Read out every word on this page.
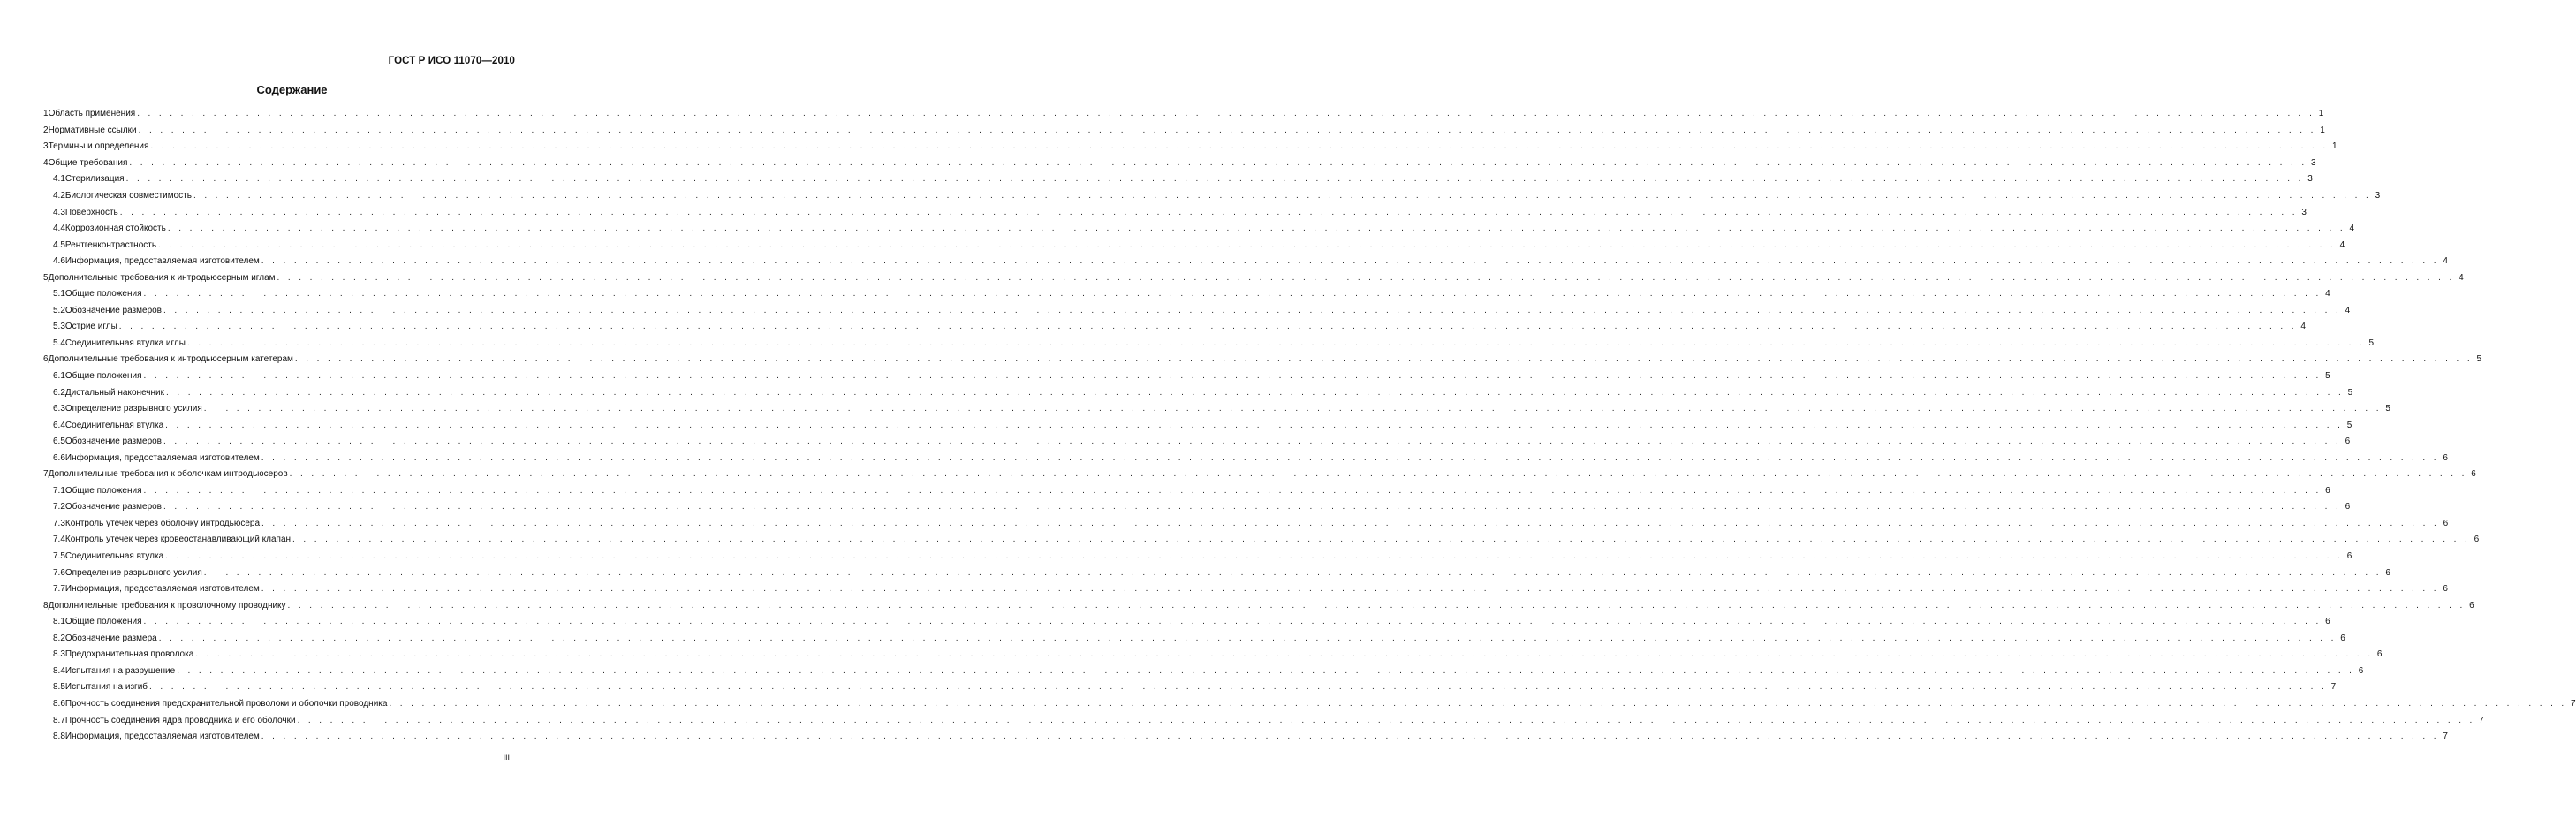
ГОСТ Р ИСО 11070—2010
Содержание
1 Область применения . . . . . . . . . . . . . . . . . . . . . . . . . . . . . . . . . . . . . . . . . . . . . . . . . . . . . . . . . . . . . . . . . . . . . . . . . . . . . . . . . . . . . . . . . . . . . . . . . . . . . . . . . . . . . . . . . . . . . . . . . . . . . . . . . . . . . . . . . . . . . . . . . . . . . . . . . . . . . . . . . . . . . . . . . . . . . . . . . . . . . . . . . . . . . . . . . . . . . . . . 1
2 Нормативные ссылки . . . . . . . . . . . . . . . . . . . . . . . . . . . . . . . . . . . . . . . . . . . . . . . . . . . . . . . . . . . . . . . . . . . . . . . . . . . . . . . . . . . . . . . . . . . . . . . . . . . . . . . . . . . . . . . . . . . . . . . . . . . . . . . . . . . . . . . . . . . . . . . . . . . . . . . . . . . . . . . . . . . . . . . . . . . . . . . . . . . . . . . . . . . . . . . . . . . . . . . . 1
3 Термины и определения . . . . . . . . . . . . . . . . . . . . . . . . . . . . . . . . . . . . . . . . . . . . . . . . . . . . . . . . . . . . . . . . . . . . . . . . . . . . . . . . . . . . . . . . . . . . . . . . . . . . . . . . . . . . . . . . . . . . . . . . . . . . . . . . . . . . . . . . . . . . . . . . . . . . . . . . . . . . . . . . . . . . . . . . . . . . . . . . . . . . . . . . . . . . . . . . . . . . . . . . 1
4 Общие требования . . . . . . . . . . . . . . . . . . . . . . . . . . . . . . . . . . . . . . . . . . . . . . . . . . . . . . . . . . . . . . . . . . . . . . . . . . . . . . . . . . . . . . . . . . . . . . . . . . . . . . . . . . . . . . . . . . . . . . . . . . . . . . . . . . . . . . . . . . . . . . . . . . . . . . . . . . . . . . . . . . . . . . . . . . . . . . . . . . . . . . . . . . . . . . . . . . . . . . . . 3
4.1 Стерилизация . . . . . . . . . . . . . . . . . . . . . . . . . . . . . . . . . . . . . . . . . . . . . . . . . . . . . . . . . . . . . . . . . . . . . . . . . . . . . . . . . . . . . . . . . . . . . . . . . . . . . . . . . . . . . . . . . . . . . . . . . . . . . . . . . . . . . . . . . . . . . . . . . . . . . . . . . . . . . . . . . . . . . . . . . . . . . . . . . . . . . . . . . . . . . . . . . . . . . . . . 3
4.2 Биологическая совместимость . . . . . . . . . . . . . . . . . . . . . . . . . . . . . . . . . . . . . . . . . . . . . . . . . . . . . . . . . . . . . . . . . . . . . . . . . . . . . . . . . . . . . . . . . . . . . . . . . . . . . . . . . . . . . . . . . . . . . . . . . . . . . . . . . . . . . . . . . . . . . . . . . . . . . . . . . . . . . . . . . . . . . . . . . . . . . . . . . . . . . . . . . . . . . . . . . . . . . . . . 3
4.3 Поверхность . . . . . . . . . . . . . . . . . . . . . . . . . . . . . . . . . . . . . . . . . . . . . . . . . . . . . . . . . . . . . . . . . . . . . . . . . . . . . . . . . . . . . . . . . . . . . . . . . . . . . . . . . . . . . . . . . . . . . . . . . . . . . . . . . . . . . . . . . . . . . . . . . . . . . . . . . . . . . . . . . . . . . . . . . . . . . . . . . . . . . . . . . . . . . . . . . . . . . . . . 3
4.4 Коррозионная стойкость . . . . . . . . . . . . . . . . . . . . . . . . . . . . . . . . . . . . . . . . . . . . . . . . . . . . . . . . . . . . . . . . . . . . . . . . . . . . . . . . . . . . . . . . . . . . . . . . . . . . . . . . . . . . . . . . . . . . . . . . . . . . . . . . . . . . . . . . . . . . . . . . . . . . . . . . . . . . . . . . . . . . . . . . . . . . . . . . . . . . . . . . . . . . . . . . . . . . . . . . 4
4.5 Рентгенконтрастность . . . . . . . . . . . . . . . . . . . . . . . . . . . . . . . . . . . . . . . . . . . . . . . . . . . . . . . . . . . . . . . . . . . . . . . . . . . . . . . . . . . . . . . . . . . . . . . . . . . . . . . . . . . . . . . . . . . . . . . . . . . . . . . . . . . . . . . . . . . . . . . . . . . . . . . . . . . . . . . . . . . . . . . . . . . . . . . . . . . . . . . . . . . . . . . . . . . . . . . . 4
4.6 Информация, предоставляемая изготовителем . . . . . . . . . . . . . . . . . . . . . . . . . . . . . . . . . . . . . . . . . . . . . . . . . . . . . . . . . . . . . . . . . . . . . . . . . . . . . . . . . . . . . . . . . . . . . . . . . . . . . . . . . . . . . . . . . . . . . . . . . . . . . . . . . . . . . . . . . . . . . . . . . . . . . . . . . . . . . . . . . . . . . . . . . . . . . . . . . . . . . . . . . . . . . . . . . . . . . . . . 4
5 Дополнительные требования к интродьюсерным иглам . . . . . . . . . . . . . . . . . . . . . . . . . . . . . . . . . . . . . . . . . . . . . . . . . . . . . . . . . . . . . . . . . . . . . . . . . . . . . . . . . . . . . . . . . . . . . . . . . . . . . . . . . . . . . . . . . . . . . . . . . . . . . . . . . . . . . . . . . . . . . . . . . . . . . . . . . . . . . . . . . . . . . . . . . . . . . . . . . . . . . . . . . . . . . . . . . . . . . . . . 4
5.1 Общие положения . . . . . . . . . . . . . . . . . . . . . . . . . . . . . . . . . . . . . . . . . . . . . . . . . . . . . . . . . . . . . . . . . . . . . . . . . . . . . . . . . . . . . . . . . . . . . . . . . . . . . . . . . . . . . . . . . . . . . . . . . . . . . . . . . . . . . . . . . . . . . . . . . . . . . . . . . . . . . . . . . . . . . . . . . . . . . . . . . . . . . . . . . . . . . . . . . . . . . . . . 4
5.2 Обозначение размеров . . . . . . . . . . . . . . . . . . . . . . . . . . . . . . . . . . . . . . . . . . . . . . . . . . . . . . . . . . . . . . . . . . . . . . . . . . . . . . . . . . . . . . . . . . . . . . . . . . . . . . . . . . . . . . . . . . . . . . . . . . . . . . . . . . . . . . . . . . . . . . . . . . . . . . . . . . . . . . . . . . . . . . . . . . . . . . . . . . . . . . . . . . . . . . . . . . . . . . . . 4
5.3 Острие иглы . . . . . . . . . . . . . . . . . . . . . . . . . . . . . . . . . . . . . . . . . . . . . . . . . . . . . . . . . . . . . . . . . . . . . . . . . . . . . . . . . . . . . . . . . . . . . . . . . . . . . . . . . . . . . . . . . . . . . . . . . . . . . . . . . . . . . . . . . . . . . . . . . . . . . . . . . . . . . . . . . . . . . . . . . . . . . . . . . . . . . . . . . . . . . . . . . . . . . . . . 4
5.4 Соединительная втулка иглы . . . . . . . . . . . . . . . . . . . . . . . . . . . . . . . . . . . . . . . . . . . . . . . . . . . . . . . . . . . . . . . . . . . . . . . . . . . . . . . . . . . . . . . . . . . . . . . . . . . . . . . . . . . . . . . . . . . . . . . . . . . . . . . . . . . . . . . . . . . . . . . . . . . . . . . . . . . . . . . . . . . . . . . . . . . . . . . . . . . . . . . . . . . . . . . . . . . . . . . . 5
6 Дополнительные требования к интродьюсерным катетерам . . . . . . . . . . . . . . . . . . . . . . . . . . . . . . . . . . . . . . . . . . . . . . . . . . . . . . . . . . . . . . . . . . . . . . . . . . . . . . . . . . . . . . . . . . . . . . . . . . . . . . . . . . . . . . . . . . . . . . . . . . . . . . . . . . . . . . . . . . . . . . . . . . . . . . . . . . . . . . . . . . . . . . . . . . . . . . . . . . . . . . . . . . . . . . . . . . . . . . . . 5
6.1 Общие положения . . . . . . . . . . . . . . . . . . . . . . . . . . . . . . . . . . . . . . . . . . . . . . . . . . . . . . . . . . . . . . . . . . . . . . . . . . . . . . . . . . . . . . . . . . . . . . . . . . . . . . . . . . . . . . . . . . . . . . . . . . . . . . . . . . . . . . . . . . . . . . . . . . . . . . . . . . . . . . . . . . . . . . . . . . . . . . . . . . . . . . . . . . . . . . . . . . . . . . . . 5
6.2 Дистальный наконечник . . . . . . . . . . . . . . . . . . . . . . . . . . . . . . . . . . . . . . . . . . . . . . . . . . . . . . . . . . . . . . . . . . . . . . . . . . . . . . . . . . . . . . . . . . . . . . . . . . . . . . . . . . . . . . . . . . . . . . . . . . . . . . . . . . . . . . . . . . . . . . . . . . . . . . . . . . . . . . . . . . . . . . . . . . . . . . . . . . . . . . . . . . . . . . . . . . . . . . . . 5
6.3 Определение разрывного усилия . . . . . . . . . . . . . . . . . . . . . . . . . . . . . . . . . . . . . . . . . . . . . . . . . . . . . . . . . . . . . . . . . . . . . . . . . . . . . . . . . . . . . . . . . . . . . . . . . . . . . . . . . . . . . . . . . . . . . . . . . . . . . . . . . . . . . . . . . . . . . . . . . . . . . . . . . . . . . . . . . . . . . . . . . . . . . . . . . . . . . . . . . . . . . . . . . . . . . . . . 5
6.4 Соединительная втулка . . . . . . . . . . . . . . . . . . . . . . . . . . . . . . . . . . . . . . . . . . . . . . . . . . . . . . . . . . . . . . . . . . . . . . . . . . . . . . . . . . . . . . . . . . . . . . . . . . . . . . . . . . . . . . . . . . . . . . . . . . . . . . . . . . . . . . . . . . . . . . . . . . . . . . . . . . . . . . . . . . . . . . . . . . . . . . . . . . . . . . . . . . . . . . . . . . . . . . . . 5
6.5 Обозначение размеров . . . . . . . . . . . . . . . . . . . . . . . . . . . . . . . . . . . . . . . . . . . . . . . . . . . . . . . . . . . . . . . . . . . . . . . . . . . . . . . . . . . . . . . . . . . . . . . . . . . . . . . . . . . . . . . . . . . . . . . . . . . . . . . . . . . . . . . . . . . . . . . . . . . . . . . . . . . . . . . . . . . . . . . . . . . . . . . . . . . . . . . . . . . . . . . . . . . . . . . . 6
6.6 Информация, предоставляемая изготовителем . . . . . . . . . . . . . . . . . . . . . . . . . . . . . . . . . . . . . . . . . . . . . . . . . . . . . . . . . . . . . . . . . . . . . . . . . . . . . . . . . . . . . . . . . . . . . . . . . . . . . . . . . . . . . . . . . . . . . . . . . . . . . . . . . . . . . . . . . . . . . . . . . . . . . . . . . . . . . . . . . . . . . . . . . . . . . . . . . . . . . . . . . . . . . . . . . . . . . . . . 6
7 Дополнительные требования к оболочкам интродьюсеров . . . . . . . . . . . . . . . . . . . . . . . . . . . . . . . . . . . . . . . . . . . . . . . . . . . . . . . . . . . . . . . . . . . . . . . . . . . . . . . . . . . . . . . . . . . . . . . . . . . . . . . . . . . . . . . . . . . . . . . . . . . . . . . . . . . . . . . . . . . . . . . . . . . . . . . . . . . . . . . . . . . . . . . . . . . . . . . . . . . . . . . . . . . . . . . . . . . . . . . . 6
7.1 Общие положения . . . . . . . . . . . . . . . . . . . . . . . . . . . . . . . . . . . . . . . . . . . . . . . . . . . . . . . . . . . . . . . . . . . . . . . . . . . . . . . . . . . . . . . . . . . . . . . . . . . . . . . . . . . . . . . . . . . . . . . . . . . . . . . . . . . . . . . . . . . . . . . . . . . . . . . . . . . . . . . . . . . . . . . . . . . . . . . . . . . . . . . . . . . . . . . . . . . . . . . . 6
7.2 Обозначение размеров . . . . . . . . . . . . . . . . . . . . . . . . . . . . . . . . . . . . . . . . . . . . . . . . . . . . . . . . . . . . . . . . . . . . . . . . . . . . . . . . . . . . . . . . . . . . . . . . . . . . . . . . . . . . . . . . . . . . . . . . . . . . . . . . . . . . . . . . . . . . . . . . . . . . . . . . . . . . . . . . . . . . . . . . . . . . . . . . . . . . . . . . . . . . . . . . . . . . . . . . 6
7.3 Контроль утечек через оболочку интродьюсера . . . . . . . . . . . . . . . . . . . . . . . . . . . . . . . . . . . . . . . . . . . . . . . . . . . . . . . . . . . . . . . . . . . . . . . . . . . . . . . . . . . . . . . . . . . . . . . . . . . . . . . . . . . . . . . . . . . . . . . . . . . . . . . . . . . . . . . . . . . . . . . . . . . . . . . . . . . . . . . . . . . . . . . . . . . . . . . . . . . . . . . . . . . . . . . . . . . . . . . . 6
7.4 Контроль утечек через кровеостанавливающий клапан . . . . . . . . . . . . . . . . . . . . . . . . . . . . . . . . . . . . . . . . . . . . . . . . . . . . . . . . . . . . . . . . . . . . . . . . . . . . . . . . . . . . . . . . . . . . . . . . . . . . . . . . . . . . . . . . . . . . . . . . . . . . . . . . . . . . . . . . . . . . . . . . . . . . . . . . . . . . . . . . . . . . . . . . . . . . . . . . . . . . . . . . . . . . . . . . . . . . . . . . 6
7.5 Соединительная втулка . . . . . . . . . . . . . . . . . . . . . . . . . . . . . . . . . . . . . . . . . . . . . . . . . . . . . . . . . . . . . . . . . . . . . . . . . . . . . . . . . . . . . . . . . . . . . . . . . . . . . . . . . . . . . . . . . . . . . . . . . . . . . . . . . . . . . . . . . . . . . . . . . . . . . . . . . . . . . . . . . . . . . . . . . . . . . . . . . . . . . . . . . . . . . . . . . . . . . . . . 6
7.6 Определение разрывного усилия . . . . . . . . . . . . . . . . . . . . . . . . . . . . . . . . . . . . . . . . . . . . . . . . . . . . . . . . . . . . . . . . . . . . . . . . . . . . . . . . . . . . . . . . . . . . . . . . . . . . . . . . . . . . . . . . . . . . . . . . . . . . . . . . . . . . . . . . . . . . . . . . . . . . . . . . . . . . . . . . . . . . . . . . . . . . . . . . . . . . . . . . . . . . . . . . . . . . . . . . 6
7.7 Информация, предоставляемая изготовителем . . . . . . . . . . . . . . . . . . . . . . . . . . . . . . . . . . . . . . . . . . . . . . . . . . . . . . . . . . . . . . . . . . . . . . . . . . . . . . . . . . . . . . . . . . . . . . . . . . . . . . . . . . . . . . . . . . . . . . . . . . . . . . . . . . . . . . . . . . . . . . . . . . . . . . . . . . . . . . . . . . . . . . . . . . . . . . . . . . . . . . . . . . . . . . . . . . . . . . . . 6
8 Дополнительные требования к проволочному проводнику . . . . . . . . . . . . . . . . . . . . . . . . . . . . . . . . . . . . . . . . . . . . . . . . . . . . . . . . . . . . . . . . . . . . . . . . . . . . . . . . . . . . . . . . . . . . . . . . . . . . . . . . . . . . . . . . . . . . . . . . . . . . . . . . . . . . . . . . . . . . . . . . . . . . . . . . . . . . . . . . . . . . . . . . . . . . . . . . . . . . . . . . . . . . . . . . . . . . . . . . 6
8.1 Общие положения . . . . . . . . . . . . . . . . . . . . . . . . . . . . . . . . . . . . . . . . . . . . . . . . . . . . . . . . . . . . . . . . . . . . . . . . . . . . . . . . . . . . . . . . . . . . . . . . . . . . . . . . . . . . . . . . . . . . . . . . . . . . . . . . . . . . . . . . . . . . . . . . . . . . . . . . . . . . . . . . . . . . . . . . . . . . . . . . . . . . . . . . . . . . . . . . . . . . . . . . 6
8.2 Обозначение размера . . . . . . . . . . . . . . . . . . . . . . . . . . . . . . . . . . . . . . . . . . . . . . . . . . . . . . . . . . . . . . . . . . . . . . . . . . . . . . . . . . . . . . . . . . . . . . . . . . . . . . . . . . . . . . . . . . . . . . . . . . . . . . . . . . . . . . . . . . . . . . . . . . . . . . . . . . . . . . . . . . . . . . . . . . . . . . . . . . . . . . . . . . . . . . . . . . . . . . . . 6
8.3 Предохранительная проволока . . . . . . . . . . . . . . . . . . . . . . . . . . . . . . . . . . . . . . . . . . . . . . . . . . . . . . . . . . . . . . . . . . . . . . . . . . . . . . . . . . . . . . . . . . . . . . . . . . . . . . . . . . . . . . . . . . . . . . . . . . . . . . . . . . . . . . . . . . . . . . . . . . . . . . . . . . . . . . . . . . . . . . . . . . . . . . . . . . . . . . . . . . . . . . . . . . . . . . . . 6
8.4 Испытания на разрушение . . . . . . . . . . . . . . . . . . . . . . . . . . . . . . . . . . . . . . . . . . . . . . . . . . . . . . . . . . . . . . . . . . . . . . . . . . . . . . . . . . . . . . . . . . . . . . . . . . . . . . . . . . . . . . . . . . . . . . . . . . . . . . . . . . . . . . . . . . . . . . . . . . . . . . . . . . . . . . . . . . . . . . . . . . . . . . . . . . . . . . . . . . . . . . . . . . . . . . . . 6
8.5 Испытания на изгиб . . . . . . . . . . . . . . . . . . . . . . . . . . . . . . . . . . . . . . . . . . . . . . . . . . . . . . . . . . . . . . . . . . . . . . . . . . . . . . . . . . . . . . . . . . . . . . . . . . . . . . . . . . . . . . . . . . . . . . . . . . . . . . . . . . . . . . . . . . . . . . . . . . . . . . . . . . . . . . . . . . . . . . . . . . . . . . . . . . . . . . . . . . . . . . . . . . . . . . . . 7
8.6 Прочность соединения предохранительной проволоки и оболочки проводника . . . . . . . . . . . . . . . . . . . . . . . . . . . . . . . . . . . . . . . . . . . . . . . . . . . . . . . . . . . . . . . . . . . . . . . . . . . . . . . . . . . . . . . . . . . . . . . . . . . . . . . . . . . . . . . . . . . . . . . . . . . . . . . . . . . . . . . . . . . . . . . . . . . . . . . . . . . . . . . . . . . . . . . . . . . . . . . . . . . . . . . . . . . . . . . . . . . . . . . . 7
8.7 Прочность соединения ядра проводника и его оболочки . . . . . . . . . . . . . . . . . . . . . . . . . . . . . . . . . . . . . . . . . . . . . . . . . . . . . . . . . . . . . . . . . . . . . . . . . . . . . . . . . . . . . . . . . . . . . . . . . . . . . . . . . . . . . . . . . . . . . . . . . . . . . . . . . . . . . . . . . . . . . . . . . . . . . . . . . . . . . . . . . . . . . . . . . . . . . . . . . . . . . . . . . . . . . . . . . . . . . . . . 7
8.8 Информация, предоставляемая изготовителем . . . . . . . . . . . . . . . . . . . . . . . . . . . . . . . . . . . . . . . . . . . . . . . . . . . . . . . . . . . . . . . . . . . . . . . . . . . . . . . . . . . . . . . . . . . . . . . . . . . . . . . . . . . . . . . . . . . . . . . . . . . . . . . . . . . . . . . . . . . . . . . . . . . . . . . . . . . . . . . . . . . . . . . . . . . . . . . . . . . . . . . . . . . . . . . . . . . . . . . . 7
III
